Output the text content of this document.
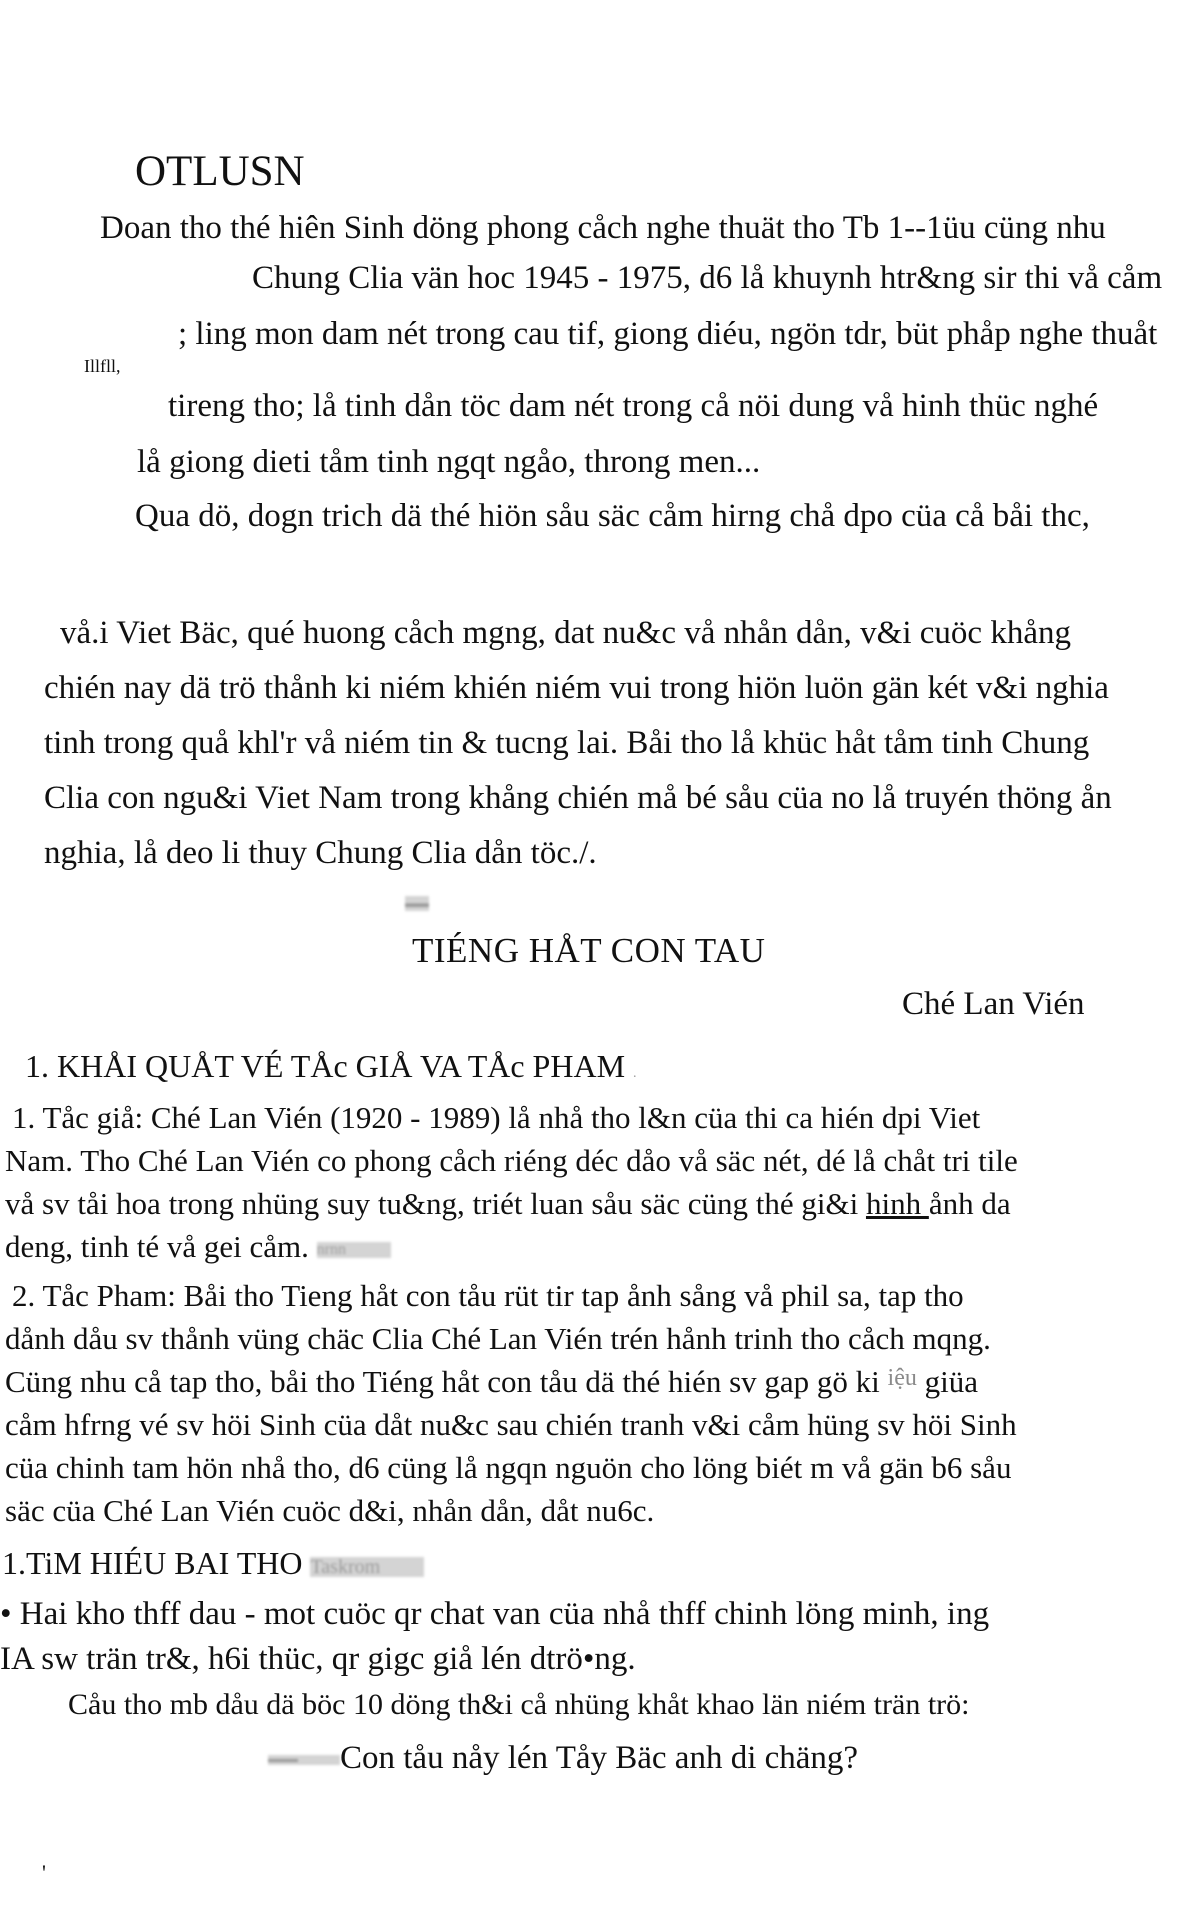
OTLUSN
Doan tho thé hiên Sinh döng phong cåch nghe thuät tho Tb 1--1üu cüng nhu
Chung Clia vän hoc 1945 - 1975, d6 lå khuynh htr&ng sir thi vå cåm
; ling mon dam nét trong cau tif, giong diéu, ngön tdr, büt phåp nghe thuåt
Illfll,
tireng tho; lå tinh dån töc dam nét trong cå nöi dung vå hinh thüc nghé
lå giong dieti tåm tinh ngqt ngåo, throng men...
Qua dö, dogn trich dä thé hiön såu säc cåm hirng chå dpo cüa cå båi thc,
vå.i Viet Bäc, qué huong cåch mgng, dat nu&c vå nhån dån, v&i cuöc khång
chién nay dä trö thånh ki niém khién niém vui trong hiön luön gän két v&i nghia
tinh trong quå khl'r vå niém tin & tucng lai. Båi tho lå khüc håt tåm tinh Chung
Clia con ngu&i Viet Nam trong khång chién må bé såu cüa no lå truyén thöng ån
nghia, lå deo li thuy Chung Clia dån töc./.
▬▬
TIÉNG HÅT CON TAU
Ché Lan Vién
1. KHÅI QUÅT VÉ TÅc GIÅ VA TÅc PHAM .
1. Tåc giå: Ché Lan Vién (1920 - 1989) lå nhå tho l&n cüa thi ca hién dpi Viet
Nam. Tho Ché Lan Vién co phong cåch riéng déc dåo vå säc nét, dé lå chåt tri tile
vå sv tåi hoa trong nhüng suy tu&ng, triét luan såu säc cüng thé gi&i hinh ånh da
deng, tinh té vå gei cåm. nrnn
2. Tåc Pham: Båi tho Tieng håt con tåu rüt tir tap ånh sång vå phil sa, tap tho
dånh dåu sv thånh vüng chäc Clia Ché Lan Vién trén hånh trinh tho cåch mqng.
Cüng nhu cå tap tho, båi tho Tiéng håt con tåu dä thé hién sv gap gö ki $^{iệu}$ giüa
cåm hfrng vé sv höi Sinh cüa dåt nu&c sau chién tranh v&i cåm hüng sv höi Sinh
cüa chinh tam hön nhå tho, d6 cüng lå ngqn nguön cho löng biét m vå gän b6 såu
säc cüa Ché Lan Vién cuöc d&i, nhån dån, dåt nu6c.
1.TiM HIÉU BAI THO Taskrom
• Hai kho thff dau - mot cuöc qr chat van cüa nhå thff chinh löng minh, ing
IA sw trän tr&, h6i thüc, qr gigc giå lén dtrö•ng.
Cåu tho mb dåu dä böc 10 döng th&i cå nhüng khåt khao län niém trän trö:
▬▬▬ Con tåu nåy lén Tåy Bäc anh di chäng?
'
